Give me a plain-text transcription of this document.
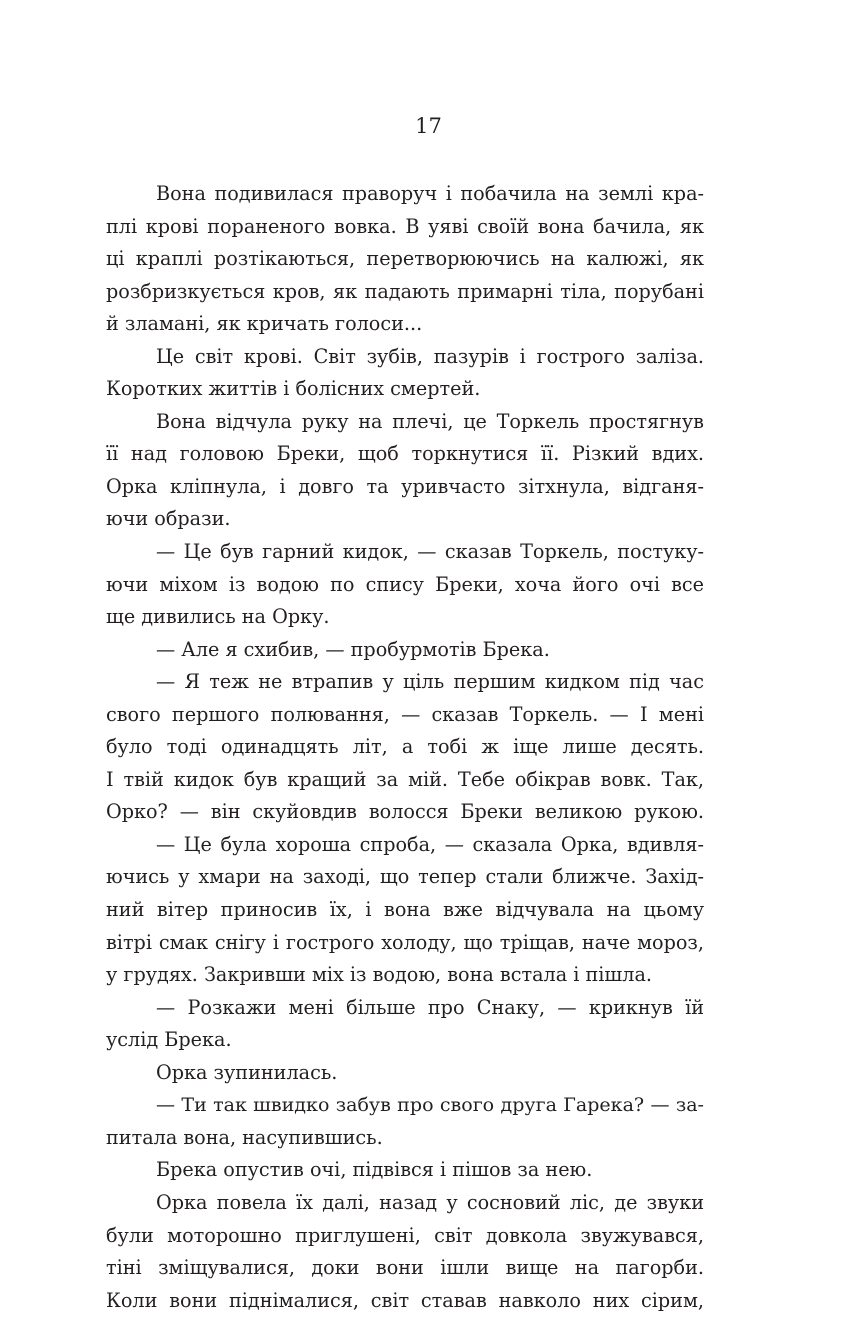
17
Вона подивилася праворуч і побачила на землі кра-
плі крові пораненого вовка. В уяві своїй вона бачила, як
ці краплі розтікаються, перетворюючись на калюжі, як
розбризкується кров, як падають примарні тіла, порубані
й зламані, як кричать голоси...
Це світ крові. Світ зубів, пазурів і гострого заліза.
Коротких життів і болісних смертей.
Вона відчула руку на плечі, це Торкель простягнув
її над головою Бреки, щоб торкнутися її. Різкий вдих.
Орка кліпнула, і довго та уривчасто зітхнула, відганя-
ючи образи.
— Це був гарний кидок, — сказав Торкель, постуку-
ючи міхом із водою по спису Бреки, хоча його очі все
ще дивились на Орку.
— Але я схибив, — пробурмотів Брека.
— Я теж не втрапив у ціль першим кидком під час
свого першого полювання, — сказав Торкель. — І мені
було тоді одинадцять літ, а тобі ж іще лише десять.
І твій кидок був кращий за мій. Тебе обікрав вовк. Так,
Орко? — він скуйовдив волосся Бреки великою рукою.
— Це була хороша спроба, — сказала Орка, вдивля-
ючись у хмари на заході, що тепер стали ближче. Захід-
ний вітер приносив їх, і вона вже відчувала на цьому
вітрі смак снігу і гострого холоду, що тріщав, наче мороз,
у грудях. Закривши міх із водою, вона встала і пішла.
— Розкажи мені більше про Снаку, — крикнув їй
услід Брека.
Орка зупинилась.
— Ти так швидко забув про свого друга Гарека? — за-
питала вона, насупившись.
Брека опустив очі, підвівся і пішов за нею.
Орка повела їх далі, назад у сосновий ліс, де звуки
були моторошно приглушені, світ довкола звужувався,
тіні зміщувалися, доки вони ішли вище на пагорби.
Коли вони піднімалися, світ ставав навколо них сірим,
